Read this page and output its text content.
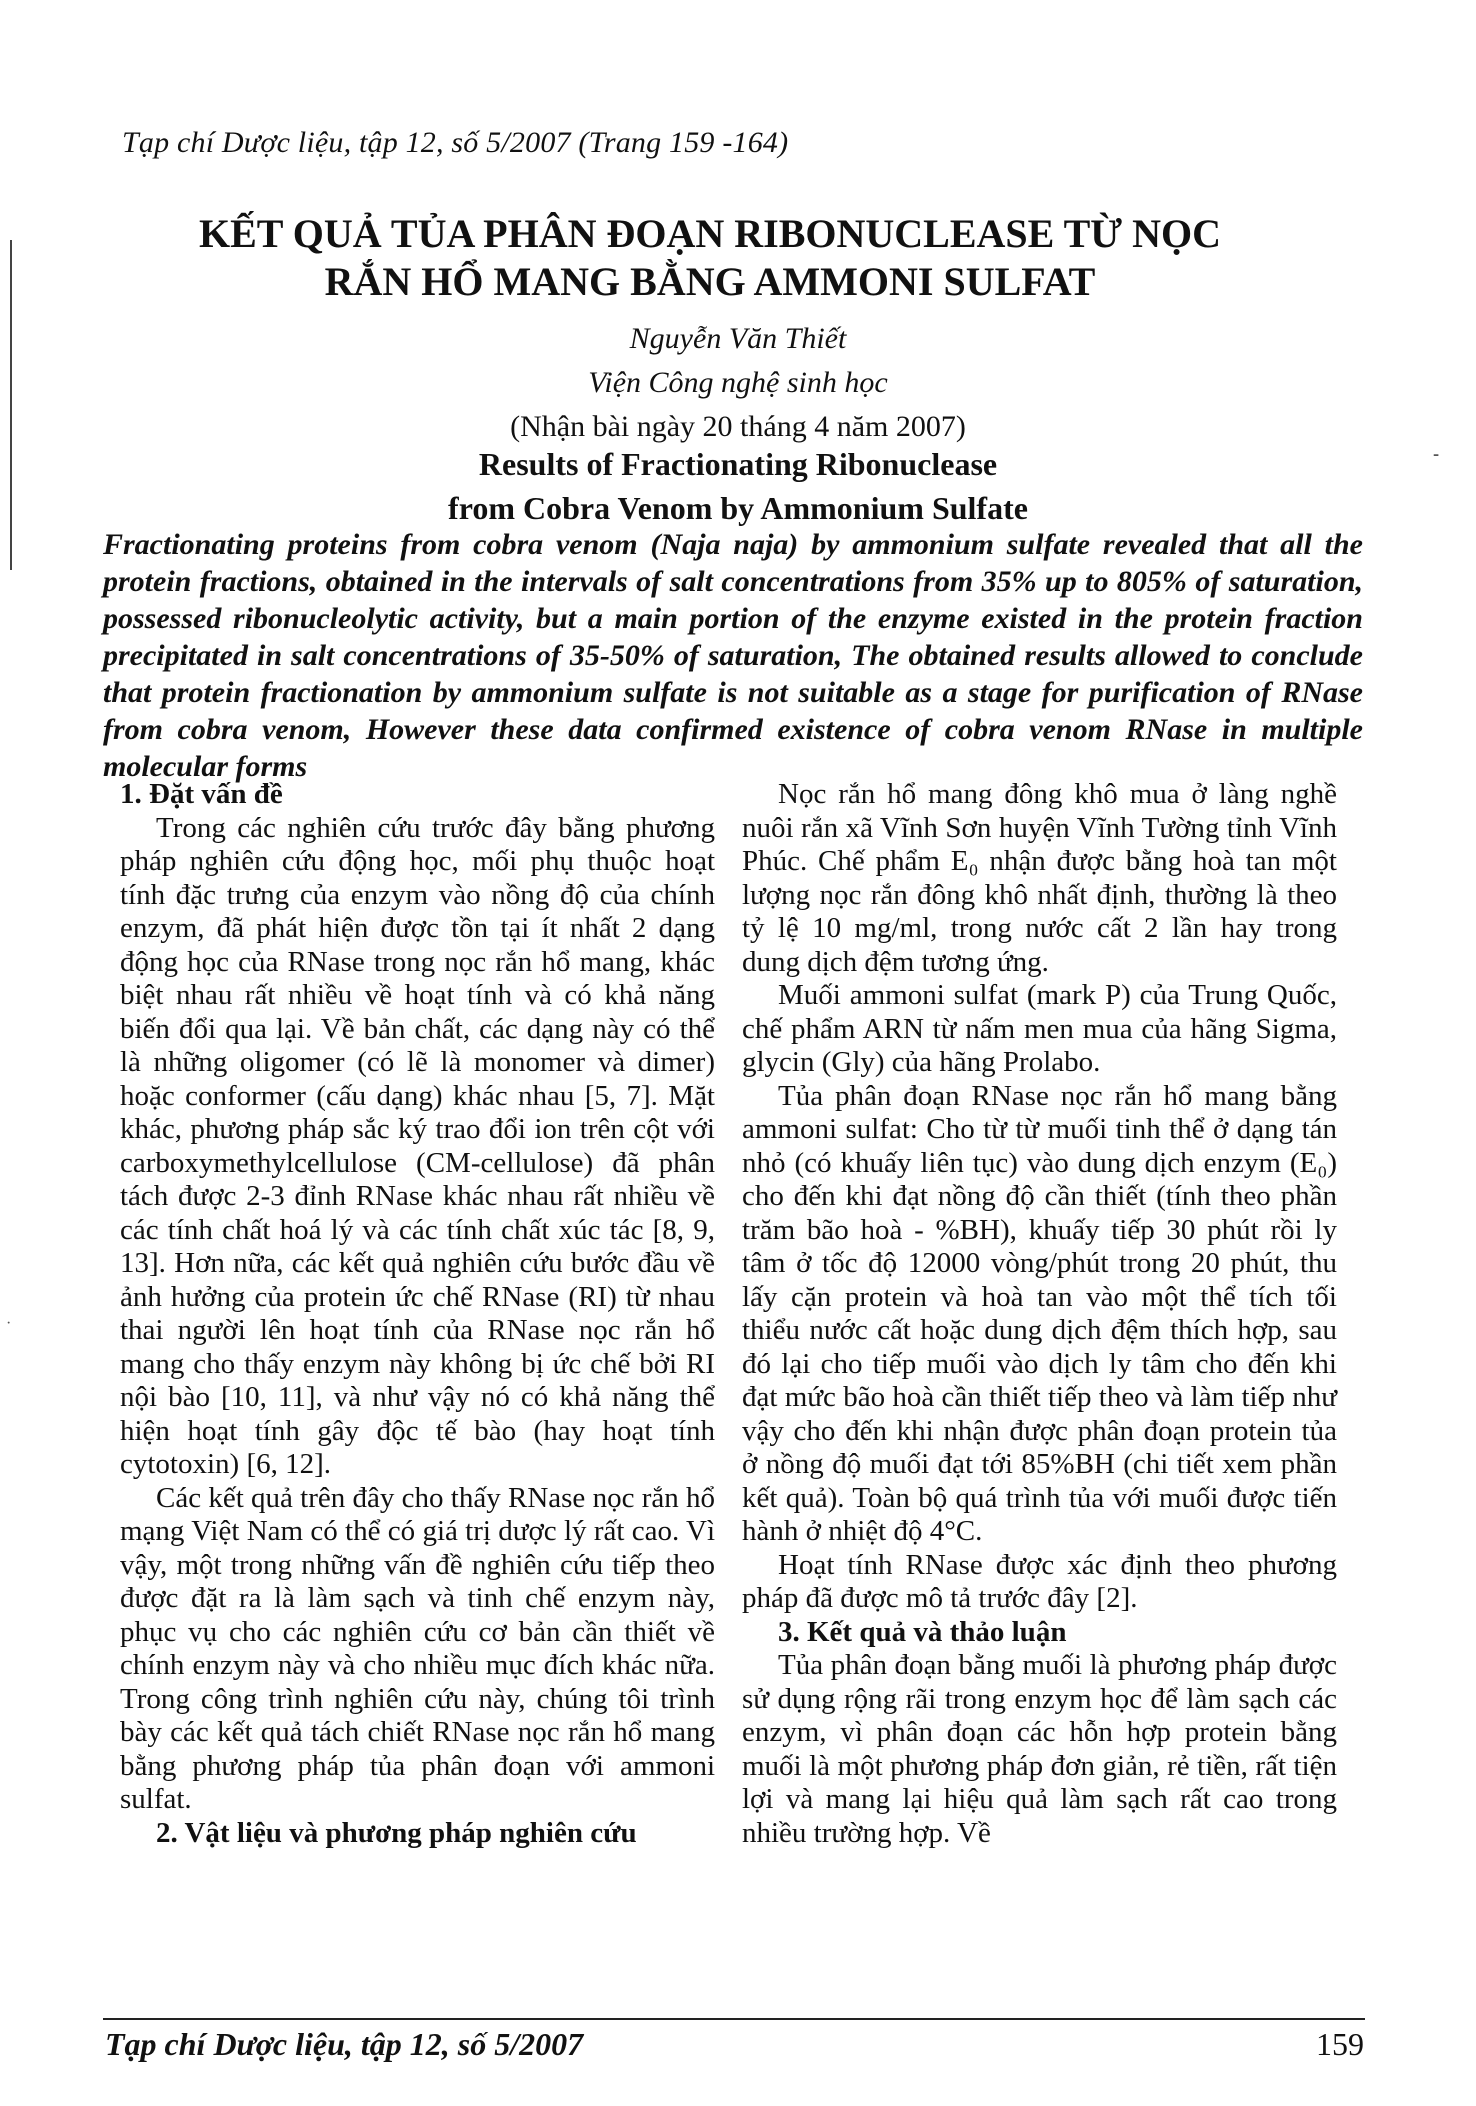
⁃
·
Tạp chí Dược liệu, tập 12, số 5/2007 (Trang 159 -164)
KẾT QUẢ TỦA PHÂN ĐOẠN RIBONUCLEASE TỪ NỌC RẮN HỔ MANG BẰNG AMMONI SULFAT
Nguyễn Văn Thiết
Viện Công nghệ sinh học
(Nhận bài ngày 20 tháng 4 năm 2007)
Results of Fractionating Ribonuclease
from Cobra Venom by Ammonium Sulfate
Fractionating proteins from cobra venom (Naja naja) by ammonium sulfate revealed that all the protein fractions, obtained in the intervals of salt concentrations from 35% up to 805% of saturation, possessed ribonucleolytic activity, but a main portion of the enzyme existed in the protein fraction precipitated in salt concentrations of 35-50% of saturation, The obtained results allowed to conclude that protein fractionation by ammonium sulfate is not suitable as a stage for purification of RNase from cobra venom, However these data confirmed existence of cobra venom RNase in multiple molecular forms
1. Đặt vấn đề

Trong các nghiên cứu trước đây bằng phương pháp nghiên cứu động học, mối phụ thuộc hoạt tính đặc trưng của enzym vào nồng độ của chính enzym, đã phát hiện được tồn tại ít nhất 2 dạng động học của RNase trong nọc rắn hổ mang, khác biệt nhau rất nhiều về hoạt tính và có khả năng biến đổi qua lại. Về bản chất, các dạng này có thể là những oligomer (có lẽ là monomer và dimer) hoặc conformer (cấu dạng) khác nhau [5, 7]. Mặt khác, phương pháp sắc ký trao đổi ion trên cột với carboxymethylcellulose (CM-cellulose) đã phân tách được 2-3 đỉnh RNase khác nhau rất nhiều về các tính chất hoá lý và các tính chất xúc tác [8, 9, 13]. Hơn nữa, các kết quả nghiên cứu bước đầu về ảnh hưởng của protein ức chế RNase (RI) từ nhau thai người lên hoạt tính của RNase nọc rắn hổ mang cho thấy enzym này không bị ức chế bởi RI nội bào [10, 11], và như vậy nó có khả năng thể hiện hoạt tính gây độc tế bào (hay hoạt tính cytotoxin) [6, 12].

Các kết quả trên đây cho thấy RNase nọc rắn hổ mạng Việt Nam có thể có giá trị dược lý rất cao. Vì vậy, một trong những vấn đề nghiên cứu tiếp theo được đặt ra là làm sạch và tinh chế enzym này, phục vụ cho các nghiên cứu cơ bản cần thiết về chính enzym này và cho nhiều mục đích khác nữa. Trong công trình nghiên cứu này, chúng tôi trình bày các kết quả tách chiết RNase nọc rắn hổ mang bằng phương pháp tủa phân đoạn với ammoni sulfat.

2. Vật liệu và phương pháp nghiên cứu

Nọc rắn hổ mang đông khô mua ở làng nghề nuôi rắn xã Vĩnh Sơn huyện Vĩnh Tường tỉnh Vĩnh Phúc. Chế phẩm E₀ nhận được bằng hoà tan một lượng nọc rắn đông khô nhất định, thường là theo tỷ lệ 10 mg/ml, trong nước cất 2 lần hay trong dung dịch đệm tương ứng.

Muối ammoni sulfat (mark P) của Trung Quốc, chế phẩm ARN từ nấm men mua của hãng Sigma, glycin (Gly) của hãng Prolabo.

Tủa phân đoạn RNase nọc rắn hổ mang bằng ammoni sulfat: Cho từ từ muối tinh thể ở dạng tán nhỏ (có khuấy liên tục) vào dung dịch enzym (E₀) cho đến khi đạt nồng độ cần thiết (tính theo phần trăm bão hoà - %BH), khuấy tiếp 30 phút rồi ly tâm ở tốc độ 12000 vòng/phút trong 20 phút, thu lấy cặn protein và hoà tan vào một thể tích tối thiểu nước cất hoặc dung dịch đệm thích hợp, sau đó lại cho tiếp muối vào dịch ly tâm cho đến khi đạt mức bão hoà cần thiết tiếp theo và làm tiếp như vậy cho đến khi nhận được phân đoạn protein tủa ở nồng độ muối đạt tới 85%BH (chi tiết xem phần kết quả). Toàn bộ quá trình tủa với muối được tiến hành ở nhiệt độ 4°C.

Hoạt tính RNase được xác định theo phương pháp đã được mô tả trước đây [2].

3. Kết quả và thảo luận

Tủa phân đoạn bằng muối là phương pháp được sử dụng rộng rãi trong enzym học để làm sạch các enzym, vì phân đoạn các hỗn hợp protein bằng muối là một phương pháp đơn giản, rẻ tiền, rất tiện lợi và mang lại hiệu quả làm sạch rất cao trong nhiều trường hợp. Về

Tạp chí Dược liệu, tập 12, số 5/2007	159
